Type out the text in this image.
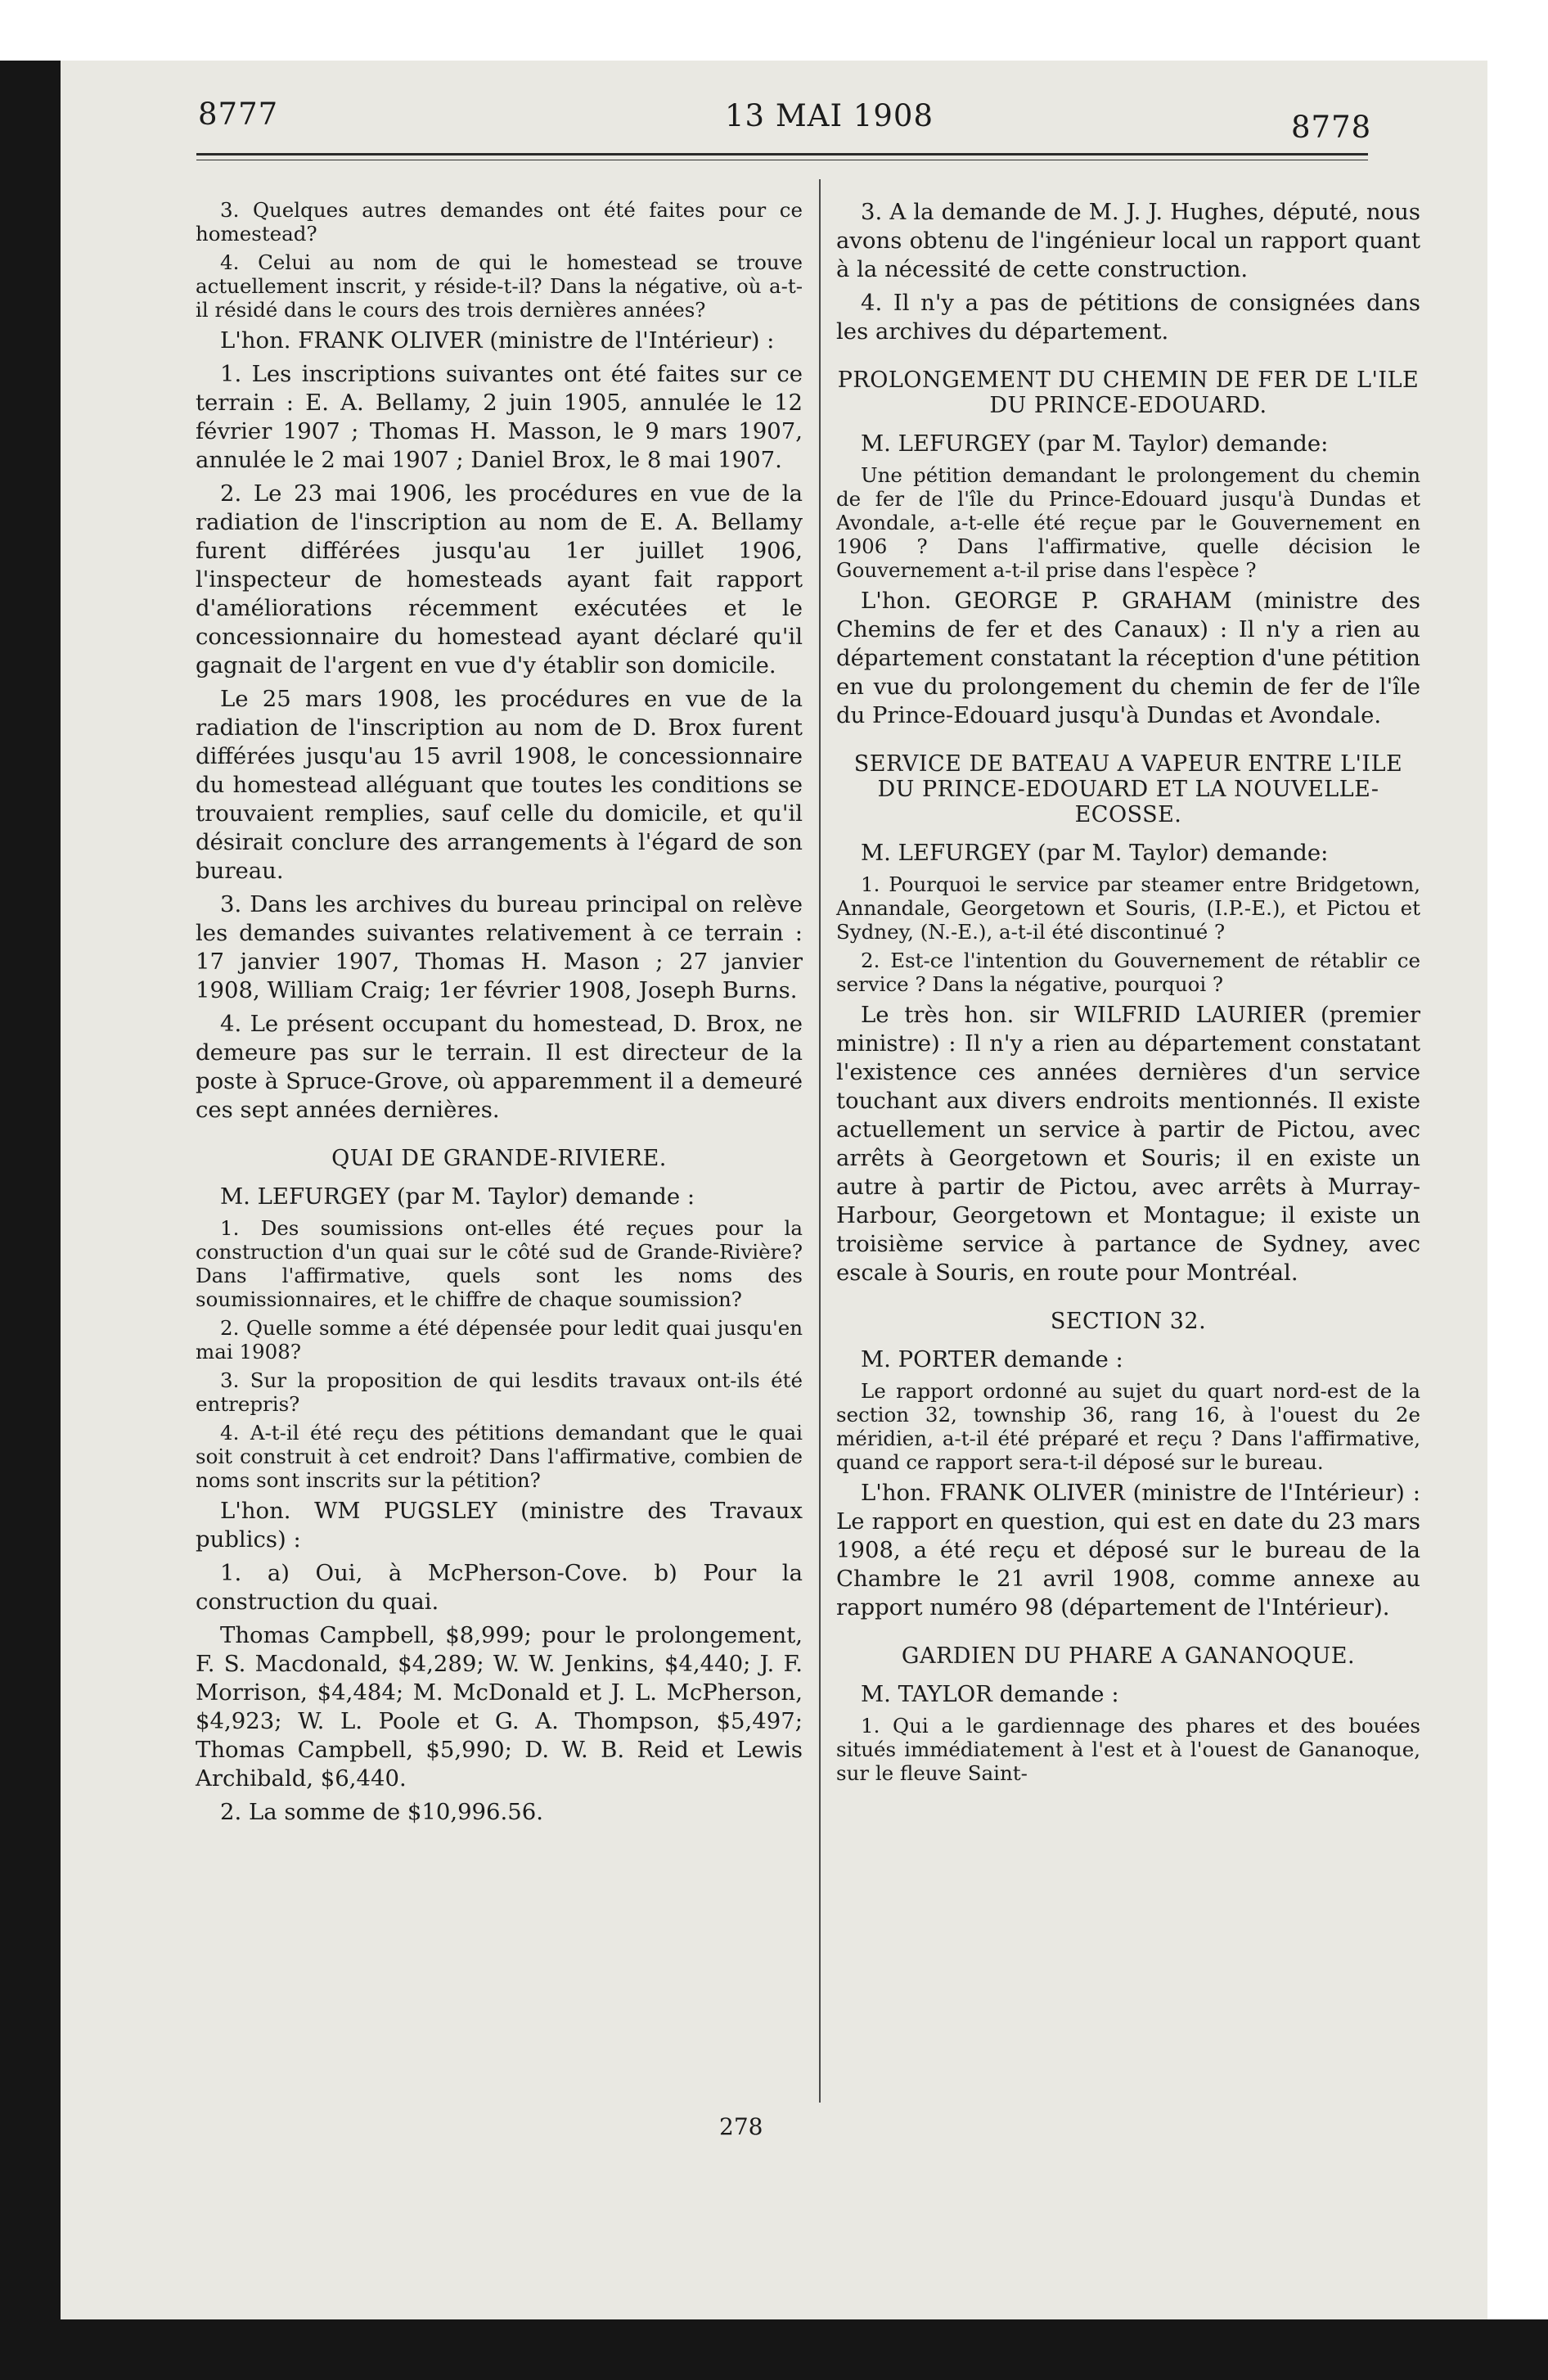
8777	13 MAI 1908	8778

3. Quelques autres demandes ont été faites pour ce homestead?

4. Celui au nom de qui le homestead se trouve actuellement inscrit, y réside-t-il? Dans la négative, où a-t-il résidé dans le cours des trois dernières années?

L'hon. FRANK OLIVER (ministre de l'Intérieur) :

1. Les inscriptions suivantes ont été faites sur ce terrain : E. A. Bellamy, 2 juin 1905, annulée le 12 février 1907 ; Thomas H. Masson, le 9 mars 1907, annulée le 2 mai 1907 ; Daniel Brox, le 8 mai 1907.

2. Le 23 mai 1906, les procédures en vue de la radiation de l'inscription au nom de E. A. Bellamy furent différées jusqu'au 1er juillet 1906, l'inspecteur de homesteads ayant fait rapport d'améliorations récemment exécutées et le concessionnaire du homestead ayant déclaré qu'il gagnait de l'argent en vue d'y établir son domicile.

Le 25 mars 1908, les procédures en vue de la radiation de l'inscription au nom de D. Brox furent différées jusqu'au 15 avril 1908, le concessionnaire du homestead alléguant que toutes les conditions se trouvaient remplies, sauf celle du domicile, et qu'il désirait conclure des arrangements à l'égard de son bureau.

3. Dans les archives du bureau principal on relève les demandes suivantes relativement à ce terrain : 17 janvier 1907, Thomas H. Mason ; 27 janvier 1908, William Craig; 1er février 1908, Joseph Burns.

4. Le présent occupant du homestead, D. Brox, ne demeure pas sur le terrain. Il est directeur de la poste à Spruce-Grove, où apparemment il a demeuré ces sept années dernières.

QUAI DE GRANDE-RIVIERE.

M. LEFURGEY (par M. Taylor) demande :

1. Des soumissions ont-elles été reçues pour la construction d'un quai sur le côté sud de Grande-Rivière? Dans l'affirmative, quels sont les noms des soumissionnaires, et le chiffre de chaque soumission?

2. Quelle somme a été dépensée pour ledit quai jusqu'en mai 1908?

3. Sur la proposition de qui lesdits travaux ont-ils été entrepris?

4. A-t-il été reçu des pétitions demandant que le quai soit construit à cet endroit? Dans l'affirmative, combien de noms sont inscrits sur la pétition?

L'hon. WM PUGSLEY (ministre des Travaux publics) :

1. a) Oui, à McPherson-Cove. b) Pour la construction du quai.

Thomas Campbell, $8,999; pour le prolongement, F. S. Macdonald, $4,289; W. W. Jenkins, $4,440; J. F. Morrison, $4,484; M. McDonald et J. L. McPherson, $4,923; W. L. Poole et G. A. Thompson, $5,497; Thomas Campbell, $5,990; D. W. B. Reid et Lewis Archibald, $6,440.

2. La somme de $10,996.56.

3. A la demande de M. J. J. Hughes, député, nous avons obtenu de l'ingénieur local un rapport quant à la nécessité de cette construction.

4. Il n'y a pas de pétitions de consignées dans les archives du département.

PROLONGEMENT DU CHEMIN DE FER DE L'ILE DU PRINCE-EDOUARD.

M. LEFURGEY (par M. Taylor) demande:

Une pétition demandant le prolongement du chemin de fer de l'île du Prince-Edouard jusqu'à Dundas et Avondale, a-t-elle été reçue par le Gouvernement en 1906 ? Dans l'affirmative, quelle décision le Gouvernement a-t-il prise dans l'espèce ?

L'hon. GEORGE P. GRAHAM (ministre des Chemins de fer et des Canaux) : Il n'y a rien au département constatant la réception d'une pétition en vue du prolongement du chemin de fer de l'île du Prince-Edouard jusqu'à Dundas et Avondale.

SERVICE DE BATEAU A VAPEUR ENTRE L'ILE DU PRINCE-EDOUARD ET LA NOUVELLE-ECOSSE.

M. LEFURGEY (par M. Taylor) demande:

1. Pourquoi le service par steamer entre Bridgetown, Annandale, Georgetown et Souris, (I.P.-E.), et Pictou et Sydney, (N.-E.), a-t-il été discontinué ?

2. Est-ce l'intention du Gouvernement de rétablir ce service ? Dans la négative, pourquoi ?

Le très hon. sir WILFRID LAURIER (premier ministre) : Il n'y a rien au département constatant l'existence ces années dernières d'un service touchant aux divers endroits mentionnés. Il existe actuellement un service à partir de Pictou, avec arrêts à Georgetown et Souris; il en existe un autre à partir de Pictou, avec arrêts à Murray-Harbour, Georgetown et Montague; il existe un troisième service à partance de Sydney, avec escale à Souris, en route pour Montréal.

SECTION 32.

M. PORTER demande :

Le rapport ordonné au sujet du quart nord-est de la section 32, township 36, rang 16, à l'ouest du 2e méridien, a-t-il été préparé et reçu ? Dans l'affirmative, quand ce rapport sera-t-il déposé sur le bureau.

L'hon. FRANK OLIVER (ministre de l'Intérieur) : Le rapport en question, qui est en date du 23 mars 1908, a été reçu et déposé sur le bureau de la Chambre le 21 avril 1908, comme annexe au rapport numéro 98 (département de l'Intérieur).

GARDIEN DU PHARE A GANANOQUE.

M. TAYLOR demande :

1. Qui a le gardiennage des phares et des bouées situés immédiatement à l'est et à l'ouest de Gananoque, sur le fleuve Saint-

278
